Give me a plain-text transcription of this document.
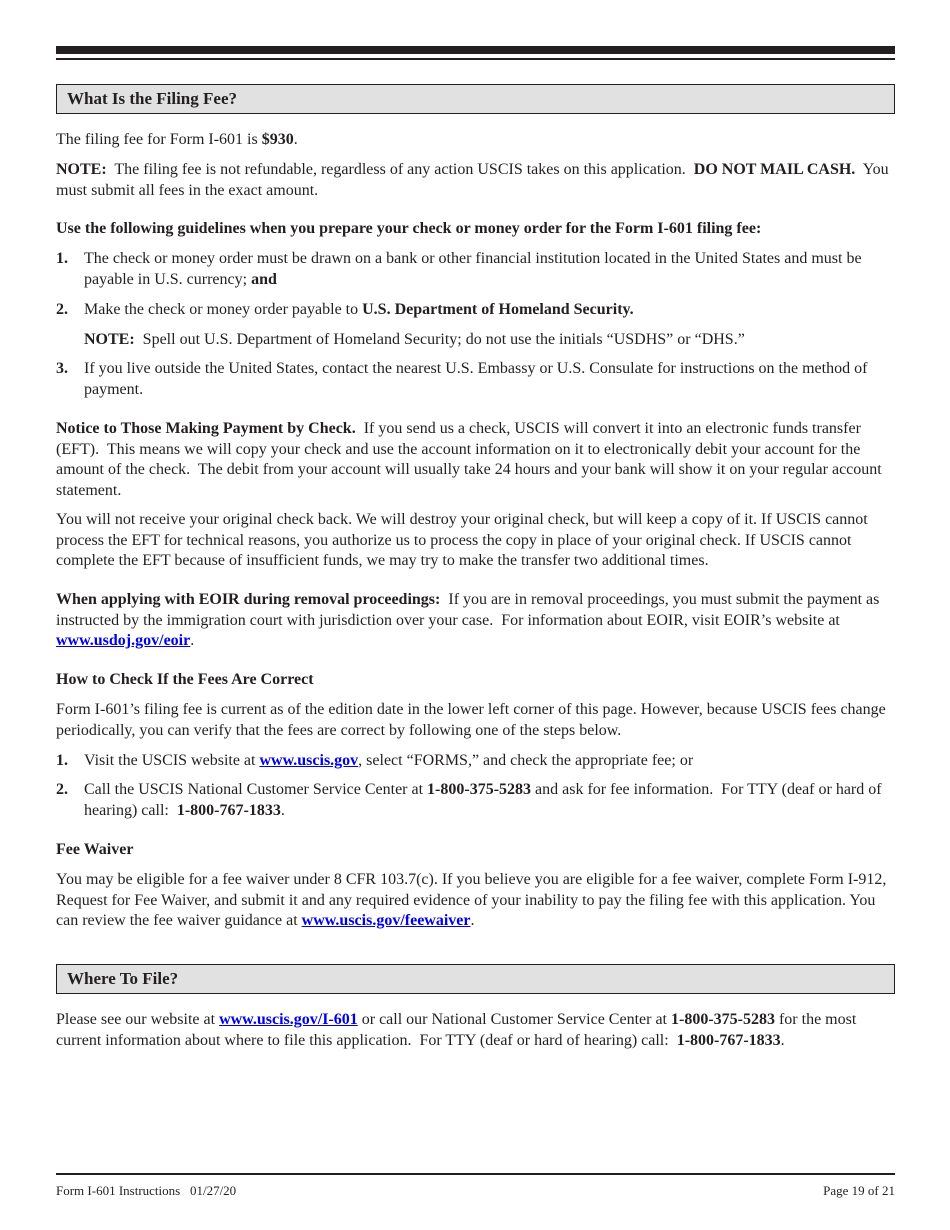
What Is the Filing Fee?

The filing fee for Form I-601 is $930.

NOTE:  The filing fee is not refundable, regardless of any action USCIS takes on this application.  DO NOT MAIL CASH.  You must submit all fees in the exact amount.

Use the following guidelines when you prepare your check or money order for the Form I-601 filing fee:

1.	The check or money order must be drawn on a bank or other financial institution located in the United States and must be payable in U.S. currency; and
2.	Make the check or money order payable to U.S. Department of Homeland Security.
NOTE:  Spell out U.S. Department of Homeland Security; do not use the initials “USDHS” or “DHS.”
3.	If you live outside the United States, contact the nearest U.S. Embassy or U.S. Consulate for instructions on the method of payment.

Notice to Those Making Payment by Check.  If you send us a check, USCIS will convert it into an electronic funds transfer (EFT).  This means we will copy your check and use the account information on it to electronically debit your account for the amount of the check.  The debit from your account will usually take 24 hours and your bank will show it on your regular account statement.

You will not receive your original check back. We will destroy your original check, but will keep a copy of it. If USCIS cannot process the EFT for technical reasons, you authorize us to process the copy in place of your original check. If USCIS cannot complete the EFT because of insufficient funds, we may try to make the transfer two additional times.

When applying with EOIR during removal proceedings:  If you are in removal proceedings, you must submit the payment as instructed by the immigration court with jurisdiction over your case.  For information about EOIR, visit EOIR’s website at www.usdoj.gov/eoir.

How to Check If the Fees Are Correct

Form I-601’s filing fee is current as of the edition date in the lower left corner of this page. However, because USCIS fees change periodically, you can verify that the fees are correct by following one of the steps below.

1.	Visit the USCIS website at www.uscis.gov, select “FORMS,” and check the appropriate fee; or
2.	Call the USCIS National Customer Service Center at 1-800-375-5283 and ask for fee information.  For TTY (deaf or hard of hearing) call:  1-800-767-1833.

Fee Waiver

You may be eligible for a fee waiver under 8 CFR 103.7(c). If you believe you are eligible for a fee waiver, complete Form I-912, Request for Fee Waiver, and submit it and any required evidence of your inability to pay the filing fee with this application. You can review the fee waiver guidance at www.uscis.gov/feewaiver.

Where To File?

Please see our website at www.uscis.gov/I-601 or call our National Customer Service Center at 1-800-375-5283 for the most current information about where to file this application.  For TTY (deaf or hard of hearing) call:  1-800-767-1833.

Form I-601 Instructions   01/27/20	Page 19 of 21
